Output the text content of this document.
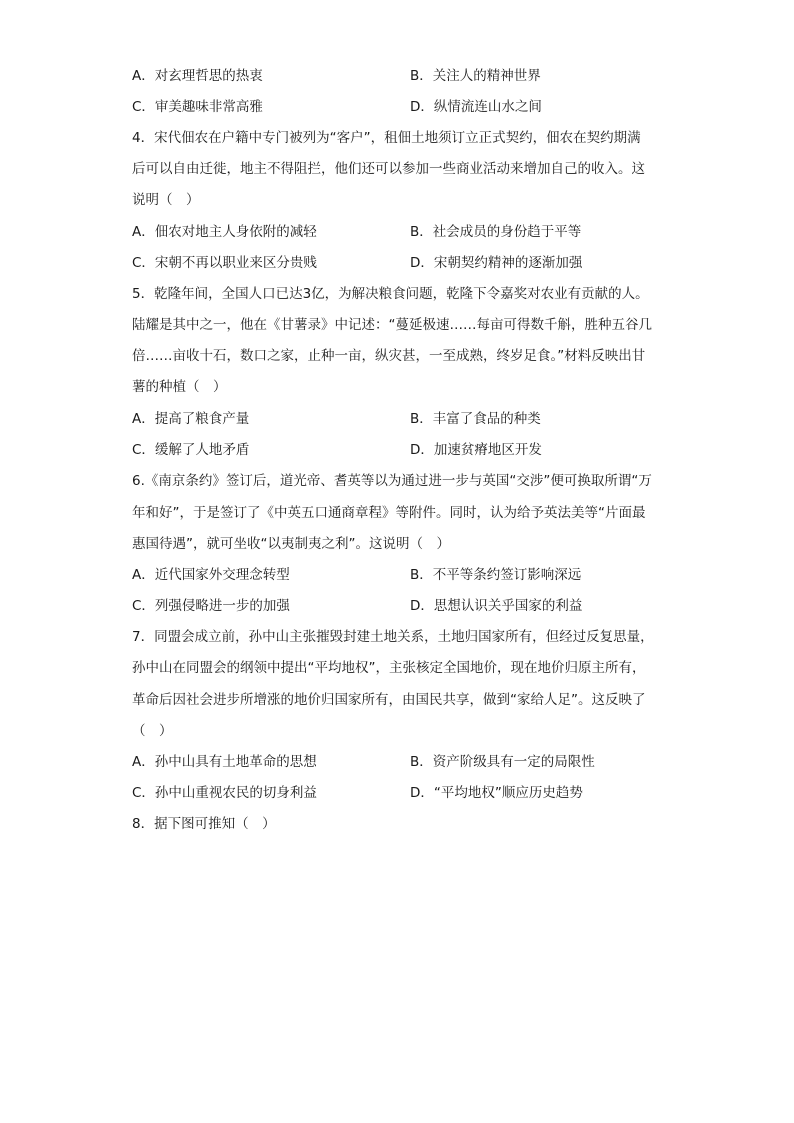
A．对玄理哲思的热衷	B．关注人的精神世界
C．审美趣味非常高雅	D．纵情流连山水之间
4．宋代佃农在户籍中专门被列为“客户”，租佃土地须订立正式契约，佃农在契约期满
后可以自由迁徙，地主不得阻拦，他们还可以参加一些商业活动来增加自己的收入。这
说明（　）
A．佃农对地主人身依附的减轻	B．社会成员的身份趋于平等
C．宋朝不再以职业来区分贵贱	D．宋朝契约精神的逐渐加强
5．乾隆年间，全国人口已达3亿，为解决粮食问题，乾隆下令嘉奖对农业有贡献的人。
陆耀是其中之一，他在《甘薯录》中记述：“蔓延极速……每亩可得数千斛，胜种五谷几
倍……亩收十石，数口之家，止种一亩，纵灾甚，一至成熟，终岁足食。”材料反映出甘
薯的种植（　）
A．提高了粮食产量	B．丰富了食品的种类
C．缓解了人地矛盾	D．加速贫瘠地区开发
6.《南京条约》签订后，道光帝、耆英等以为通过进一步与英国“交涉”便可换取所谓“万
年和好”，于是签订了《中英五口通商章程》等附件。同时，认为给予英法美等“片面最
惠国待遇”，就可坐收“以夷制夷之利”。这说明（　）
A．近代国家外交理念转型	B．不平等条约签订影响深远
C．列强侵略进一步的加强	D．思想认识关乎国家的利益
7．同盟会成立前，孙中山主张摧毁封建土地关系，土地归国家所有，但经过反复思量，
孙中山在同盟会的纲领中提出“平均地权”，主张核定全国地价，现在地价归原主所有，
革命后因社会进步所增涨的地价归国家所有，由国民共享，做到“家给人足”。这反映了
（　）
A．孙中山具有土地革命的思想	B．资产阶级具有一定的局限性
C．孙中山重视农民的切身利益	D．“平均地权”顺应历史趋势
8．据下图可推知（　）
